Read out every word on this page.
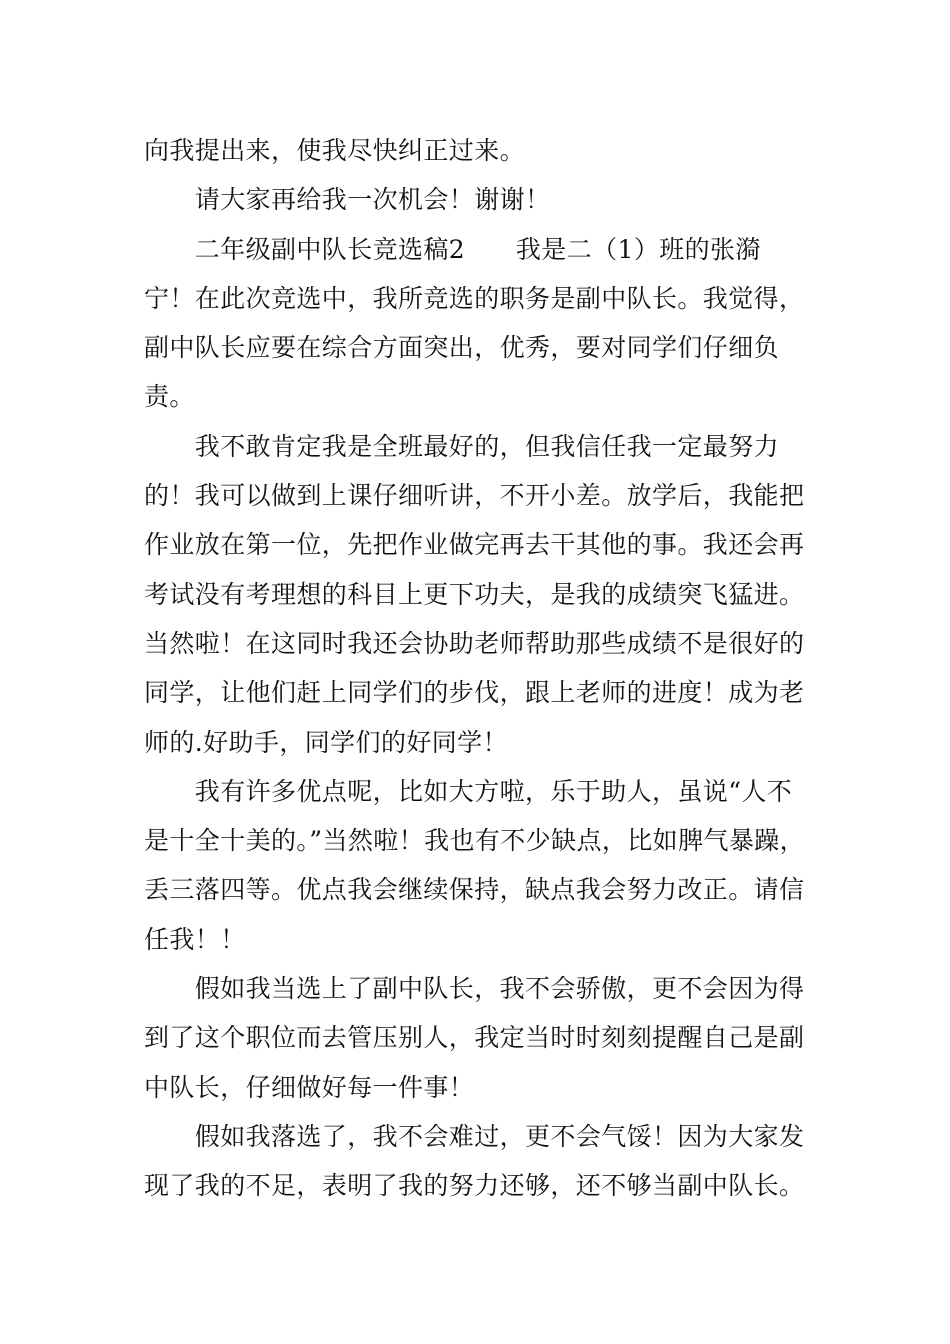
向我提出来，使我尽快纠正过来。

　　请大家再给我一次机会！谢谢！

　　二年级副中队长竞选稿2　　我是二（1）班的张漪宁！在此次竞选中，我所竞选的职务是副中队长。我觉得，副中队长应要在综合方面突出，优秀，要对同学们仔细负责。

　　我不敢肯定我是全班最好的，但我信任我一定最努力的！我可以做到上课仔细听讲，不开小差。放学后，我能把作业放在第一位，先把作业做完再去干其他的事。我还会再考试没有考理想的科目上更下功夫，是我的成绩突飞猛进。当然啦！在这同时我还会协助老师帮助那些成绩不是很好的同学，让他们赶上同学们的步伐，跟上老师的进度！成为老师的.好助手，同学们的好同学！

　　我有许多优点呢，比如大方啦，乐于助人，虽说“人不是十全十美的。”当然啦！我也有不少缺点，比如脾气暴躁，丢三落四等。优点我会继续保持，缺点我会努力改正。请信任我！！

　　假如我当选上了副中队长，我不会骄傲，更不会因为得到了这个职位而去管压别人，我定当时时刻刻提醒自己是副中队长，仔细做好每一件事！

　　假如我落选了，我不会难过，更不会气馁！因为大家发现了我的不足，表明了我的努力还够，还不够当副中队长。
